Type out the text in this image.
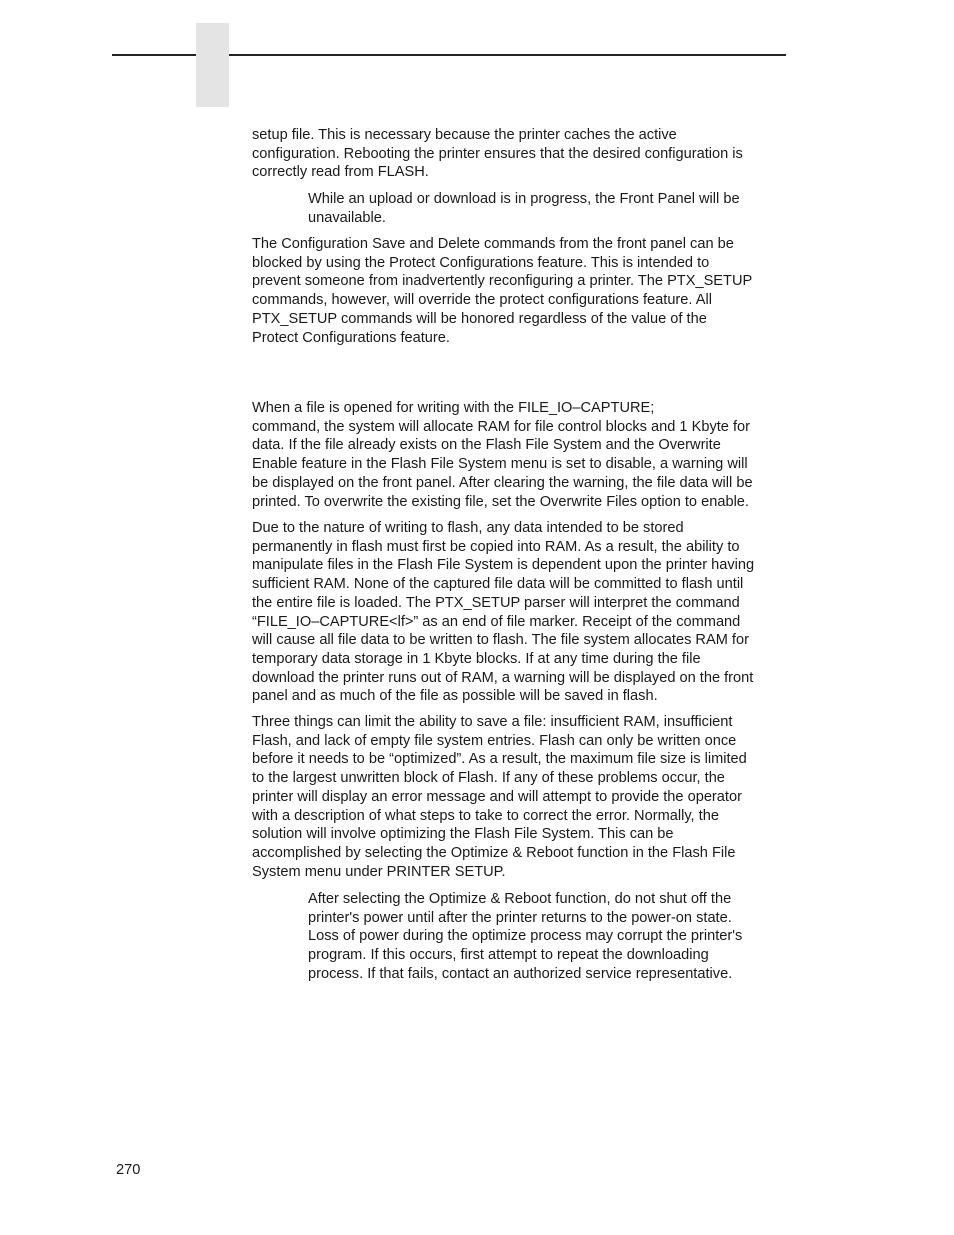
setup file. This is necessary because the printer caches the active
configuration. Rebooting the printer ensures that the desired configuration is
correctly read from FLASH.

While an upload or download is in progress, the Front Panel will be
unavailable.

The Configuration Save and Delete commands from the front panel can be
blocked by using the Protect Configurations feature. This is intended to
prevent someone from inadvertently reconfiguring a printer. The PTX_SETUP
commands, however, will override the protect configurations feature. All
PTX_SETUP commands will be honored regardless of the value of the
Protect Configurations feature.

When a file is opened for writing with the FILE_IO–CAPTURE;
command, the system will allocate RAM for file control blocks and 1 Kbyte for
data. If the file already exists on the Flash File System and the Overwrite
Enable feature in the Flash File System menu is set to disable, a warning will
be displayed on the front panel. After clearing the warning, the file data will be
printed. To overwrite the existing file, set the Overwrite Files option to enable.

Due to the nature of writing to flash, any data intended to be stored
permanently in flash must first be copied into RAM. As a result, the ability to
manipulate files in the Flash File System is dependent upon the printer having
sufficient RAM. None of the captured file data will be committed to flash until
the entire file is loaded. The PTX_SETUP parser will interpret the command
“FILE_IO–CAPTURE<lf>” as an end of file marker. Receipt of the command
will cause all file data to be written to flash. The file system allocates RAM for
temporary data storage in 1 Kbyte blocks. If at any time during the file
download the printer runs out of RAM, a warning will be displayed on the front
panel and as much of the file as possible will be saved in flash.

Three things can limit the ability to save a file: insufficient RAM, insufficient
Flash, and lack of empty file system entries. Flash can only be written once
before it needs to be “optimized”. As a result, the maximum file size is limited
to the largest unwritten block of Flash. If any of these problems occur, the
printer will display an error message and will attempt to provide the operator
with a description of what steps to take to correct the error. Normally, the
solution will involve optimizing the Flash File System. This can be
accomplished by selecting the Optimize & Reboot function in the Flash File
System menu under PRINTER SETUP.

After selecting the Optimize & Reboot function, do not shut off the
printer's power until after the printer returns to the power-on state.
Loss of power during the optimize process may corrupt the printer's
program. If this occurs, first attempt to repeat the downloading
process. If that fails, contact an authorized service representative.

270
